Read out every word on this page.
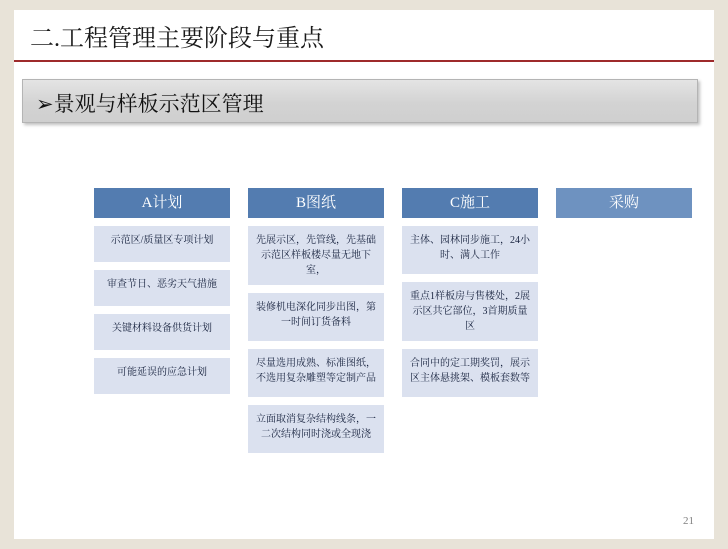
二.工程管理主要阶段与重点
➢景观与样板示范区管理
A计划
示范区/质量区专项计划
审查节日、恶劣天气措施
关键材料设备供货计划
可能延误的应急计划
B图纸
先展示区，先管线，先基础示范区样板楼尽量无地下室，
装修机电深化同步出图，第一时间订货备料
尽量选用成熟、标准图纸，不选用复杂雕塑等定制产品
立面取消复杂结构线条，一二次结构同时浇或全现浇
C施工
主体、园林同步施工，24小时、满人工作
重点1样板房与售楼处，2展示区共它部位，3首期质量区
合同中的定工期奖罚，展示区主体悬挑架、模板套数等
采购
21
